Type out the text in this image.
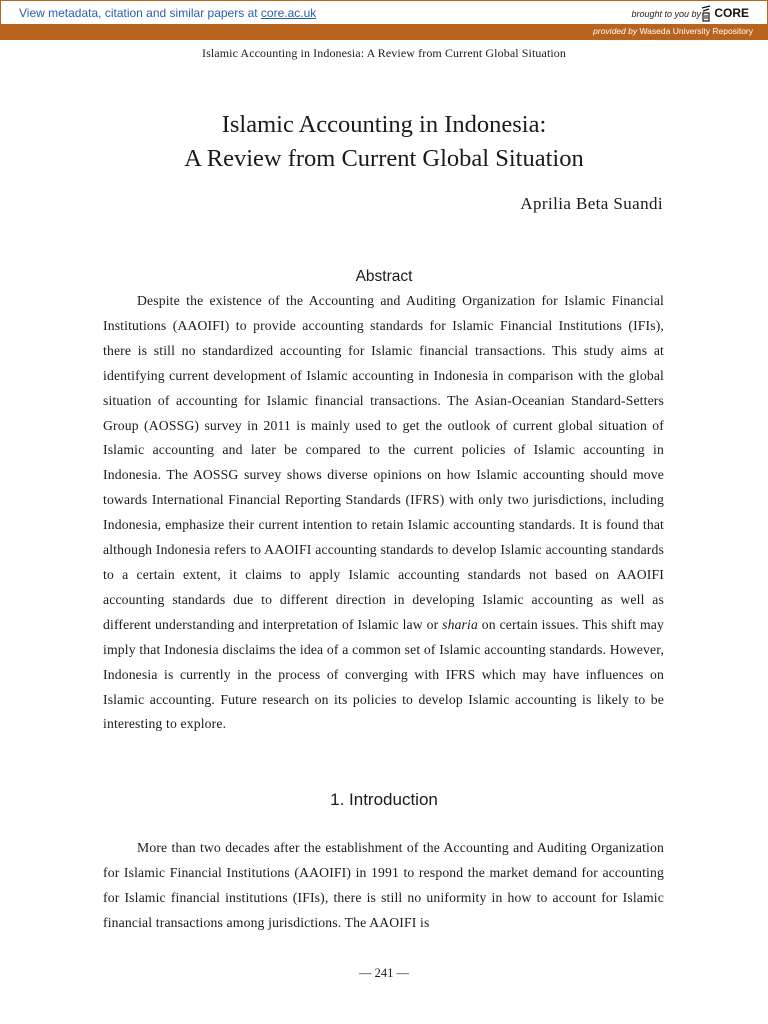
View metadata, citation and similar papers at core.ac.uk	brought to you by CORE
provided by Waseda University Repository
Islamic Accounting in Indonesia: A Review from Current Global Situation
Islamic Accounting in Indonesia:
A Review from Current Global Situation
Aprilia Beta Suandi
Abstract

Despite the existence of the Accounting and Auditing Organization for Islamic Financial Institutions (AAOIFI) to provide accounting standards for Islamic Financial Institutions (IFIs), there is still no standardized accounting for Islamic financial transactions. This study aims at identifying current development of Islamic accounting in Indonesia in comparison with the global situation of accounting for Islamic financial transactions. The Asian-Oceanian Standard-Setters Group (AOSSG) survey in 2011 is mainly used to get the outlook of current global situation of Islamic accounting and later be compared to the current policies of Islamic accounting in Indonesia. The AOSSG survey shows diverse opinions on how Islamic accounting should move towards International Financial Reporting Standards (IFRS) with only two jurisdictions, including Indonesia, emphasize their current intention to retain Islamic accounting standards. It is found that although Indonesia refers to AAOIFI accounting standards to develop Islamic accounting standards to a certain extent, it claims to apply Islamic accounting standards not based on AAOIFI accounting standards due to different direction in developing Islamic accounting as well as different understanding and interpretation of Islamic law or sharia on certain issues. This shift may imply that Indonesia disclaims the idea of a common set of Islamic accounting standards. However, Indonesia is currently in the process of converging with IFRS which may have influences on Islamic accounting. Future research on its policies to develop Islamic accounting is likely to be interesting to explore.

1. Introduction

More than two decades after the establishment of the Accounting and Auditing Organization for Islamic Financial Institutions (AAOIFI) in 1991 to respond the market demand for accounting for Islamic financial institutions (IFIs), there is still no uniformity in how to account for Islamic financial transactions among jurisdictions. The AAOIFI is

— 241 —
